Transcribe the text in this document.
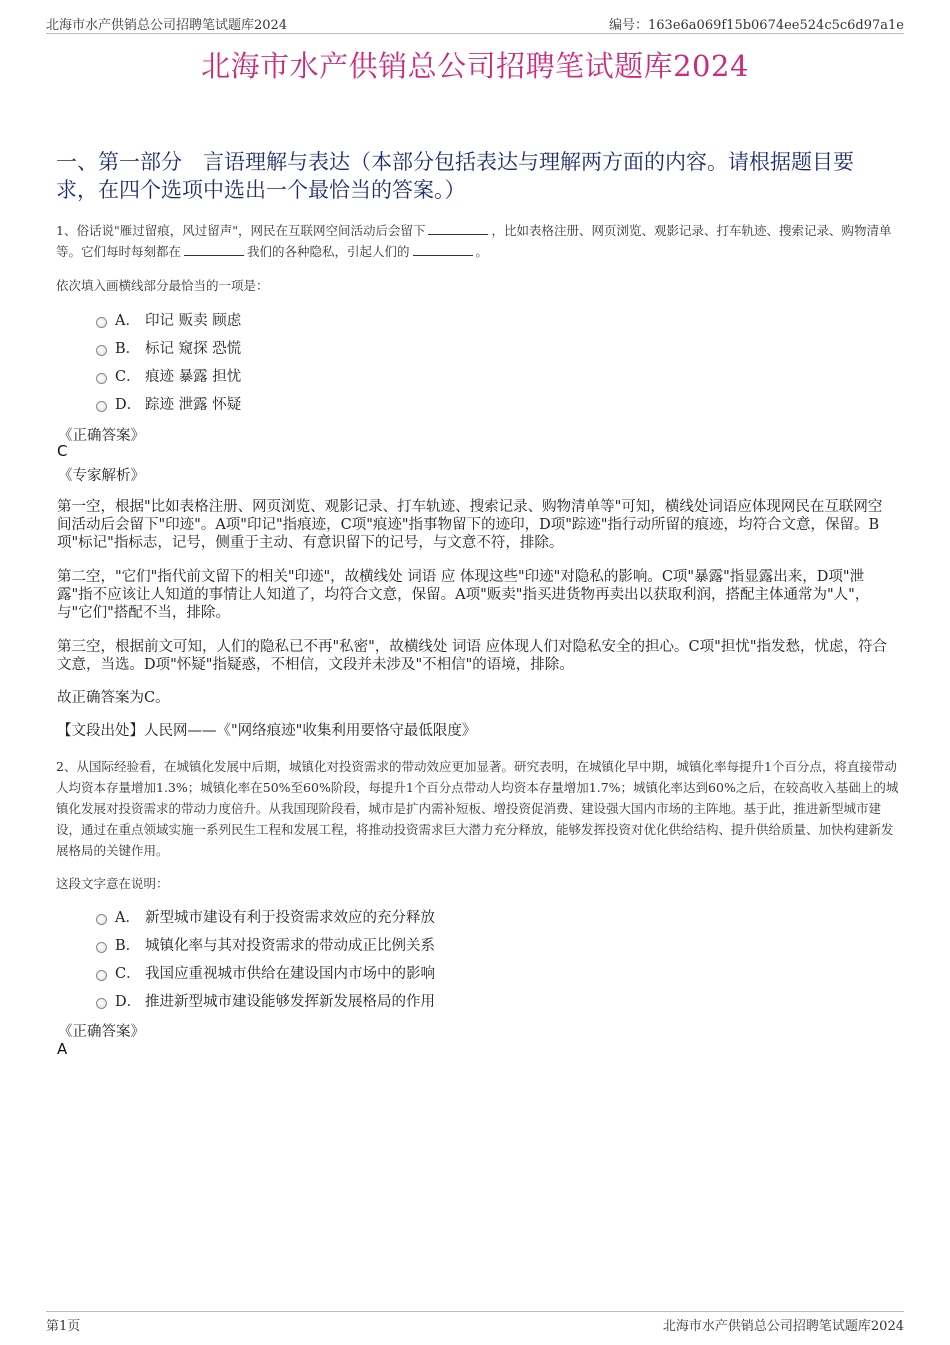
北海市水产供销总公司招聘笔试题库2024	编号：163e6a069f15b0674ee524c5c6d97a1e
北海市水产供销总公司招聘笔试题库2024
一、第一部分　言语理解与表达（本部分包括表达与理解两方面的内容。请根据题目要求，在四个选项中选出一个最恰当的答案。）
1、俗话说"雁过留痕，风过留声"，网民在互联网空间活动后会留下	，比如表格注册、网页浏览、观影记录、打车轨迹、搜索记录、购物清单等。它们每时每刻都在	我们的各种隐私，引起人们的	。
依次填入画横线部分最恰当的一项是：
A． 印记 贩卖 顾虑
B． 标记 窥探 恐慌
C． 痕迹 暴露 担忧
D． 踪迹 泄露 怀疑
《正确答案》
C
《专家解析》
第一空，根据"比如表格注册、网页浏览、观影记录、打车轨迹、搜索记录、购物清单等"可知，横线处词语应体现网民在互联网空间活动后会留下"印迹"。A项"印记"指痕迹，C项"痕迹"指事物留下的迹印，D项"踪迹"指行动所留的痕迹，均符合文意，保留。B项"标记"指标志，记号，侧重于主动、有意识留下的记号，与文意不符，排除。
第二空，"它们"指代前文留下的相关"印迹"，故横线处 词语 应 体现这些"印迹"对隐私的影响。C项"暴露"指显露出来，D项"泄露"指不应该让人知道的事情让人知道了，均符合文意，保留。A项"贩卖"指买进货物再卖出以获取利润，搭配主体通常为"人"，与"它们"搭配不当，排除。
第三空，根据前文可知，人们的隐私已不再"私密"，故横线处 词语 应体现人们对隐私安全的担心。C项"担忧"指发愁，忧虑，符合文意，当选。D项"怀疑"指疑惑，不相信，文段并未涉及"不相信"的语境，排除。
故正确答案为C。
【文段出处】人民网——《"网络痕迹"收集利用要恪守最低限度》
2、从国际经验看，在城镇化发展中后期，城镇化对投资需求的带动效应更加显著。研究表明，在城镇化早中期，城镇化率每提升1个百分点，将直接带动人均资本存量增加1.3%；城镇化率在50%至60%阶段，每提升1个百分点带动人均资本存量增加1.7%；城镇化率达到60%之后，在较高收入基础上的城镇化发展对投资需求的带动力度倍升。从我国现阶段看，城市是扩内需补短板、增投资促消费、建设强大国内市场的主阵地。基于此，推进新型城市建设，通过在重点领域实施一系列民生工程和发展工程，将推动投资需求巨大潜力充分释放，能够发挥投资对优化供给结构、提升供给质量、加快构建新发展格局的关键作用。
这段文字意在说明：
A． 新型城市建设有利于投资需求效应的充分释放
B． 城镇化率与其对投资需求的带动成正比例关系
C． 我国应重视城市供给在建设国内市场中的影响
D． 推进新型城市建设能够发挥新发展格局的作用
《正确答案》
A
第1页	北海市水产供销总公司招聘笔试题库2024
